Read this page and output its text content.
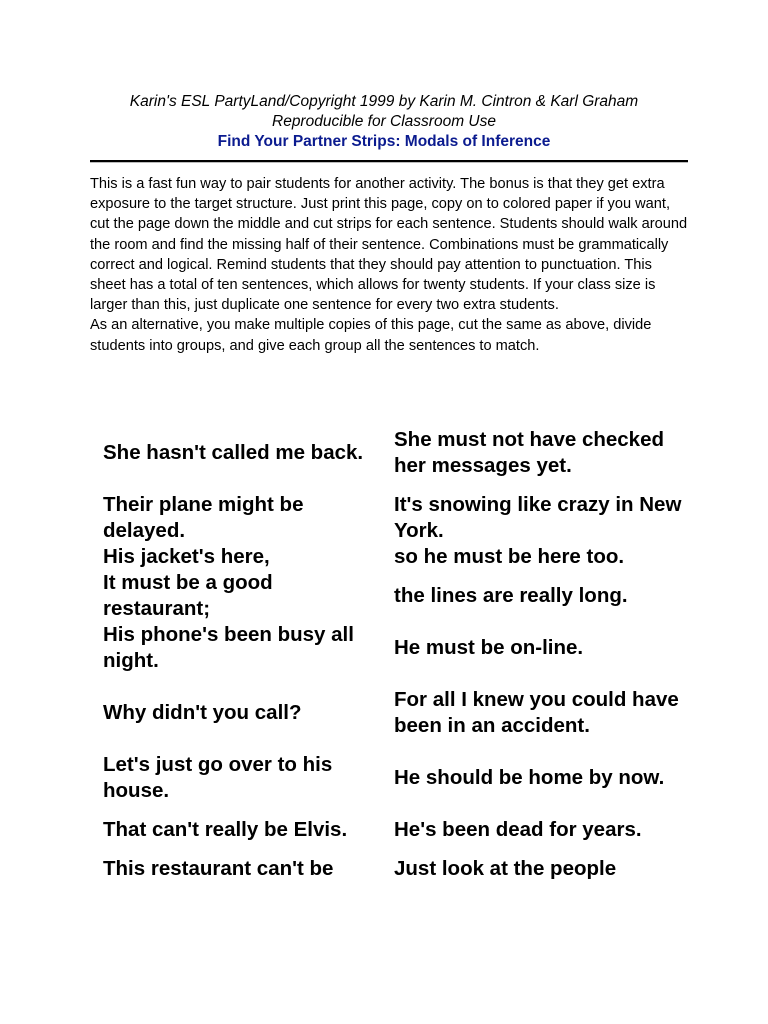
Karin's ESL PartyLand/Copyright 1999 by Karin M. Cintron & Karl Graham
Reproducible for Classroom Use
Find Your Partner Strips: Modals of Inference

This is a fast fun way to pair students for another activity. The bonus is that they get extra exposure to the target structure. Just print this page, copy on to colored paper if you want, cut the page down the middle and cut strips for each sentence. Students should walk around the room and find the missing half of their sentence. Combinations must be grammatically correct and logical. Remind students that they should pay attention to punctuation. This sheet has a total of ten sentences, which allows for twenty students. If your class size is larger than this, just duplicate one sentence for every two extra students.

As an alternative, you make multiple copies of this page, cut the same as above, divide students into groups, and give each group all the sentences to match.

She hasn't called me back.
She must not have checked her messages yet.
Their plane might be delayed.
It's snowing like crazy in New York.
His jacket's here,	so he must be here too.
It must be a good restaurant;
the lines are really long.
His phone's been busy all night.
He must be on-line.
Why didn't you call?
For all I knew you could have been in an accident.
Let's just go over to his house.
He should be home by now.
That can't really be Elvis. He's been dead for years.
This restaurant can't be	Just look at the people
